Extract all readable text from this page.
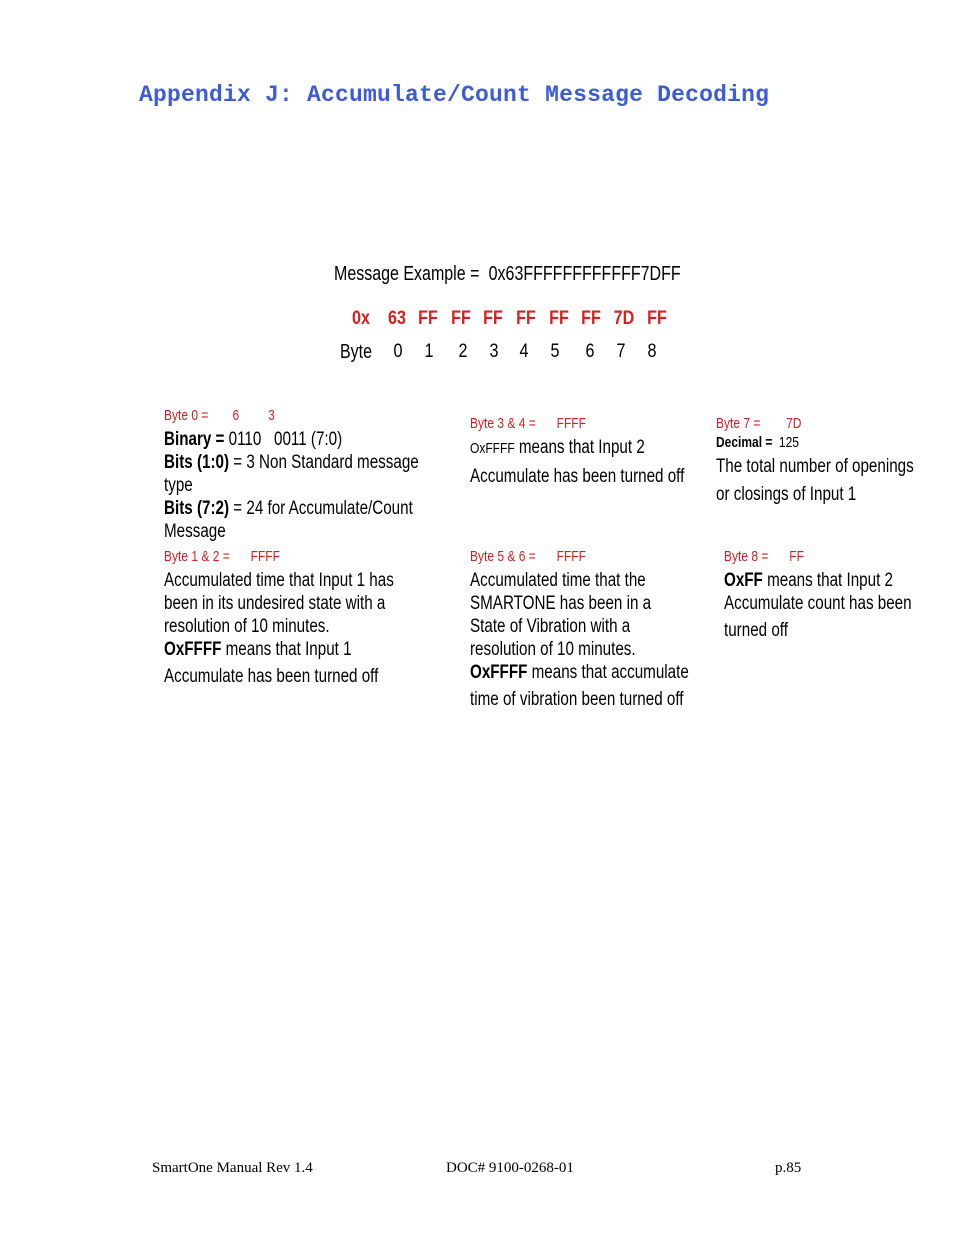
Appendix J: Accumulate/Count Message Decoding
Message Example = 0x63FFFFFFFFFFFF7DFF
0x 63 FF FF FF FF FF FF 7D FF
Byte 0 1 2 3 4 5 6 7 8
Byte 0 = 6 3
Binary = 0110   0011 (7:0)
Bits (1:0) = 3 Non Standard message
type
Bits (7:2) = 24 for Accumulate/Count
Message
Byte 3 & 4 = FFFF
OxFFFF means that Input 2
Accumulate has been turned off
Byte 7 = 7D
Decimal = 125
The total number of openings
or closings of Input 1
Byte 1 & 2 = FFFF
Accumulated time that Input 1 has
been in its undesired state with a
resolution of 10 minutes.
OxFFFF means that Input 1
Accumulate has been turned off
Byte 5 & 6 = FFFF
Accumulated time that the
SMARTONE has been in a
State of Vibration with a
resolution of 10 minutes.
OxFFFF means that accumulate
time of vibration been turned off
Byte 8 = FF
OxFF means that Input 2
Accumulate count has been
turned off
SmartOne Manual Rev 1.4	DOC# 9100-0268-01	p.85
